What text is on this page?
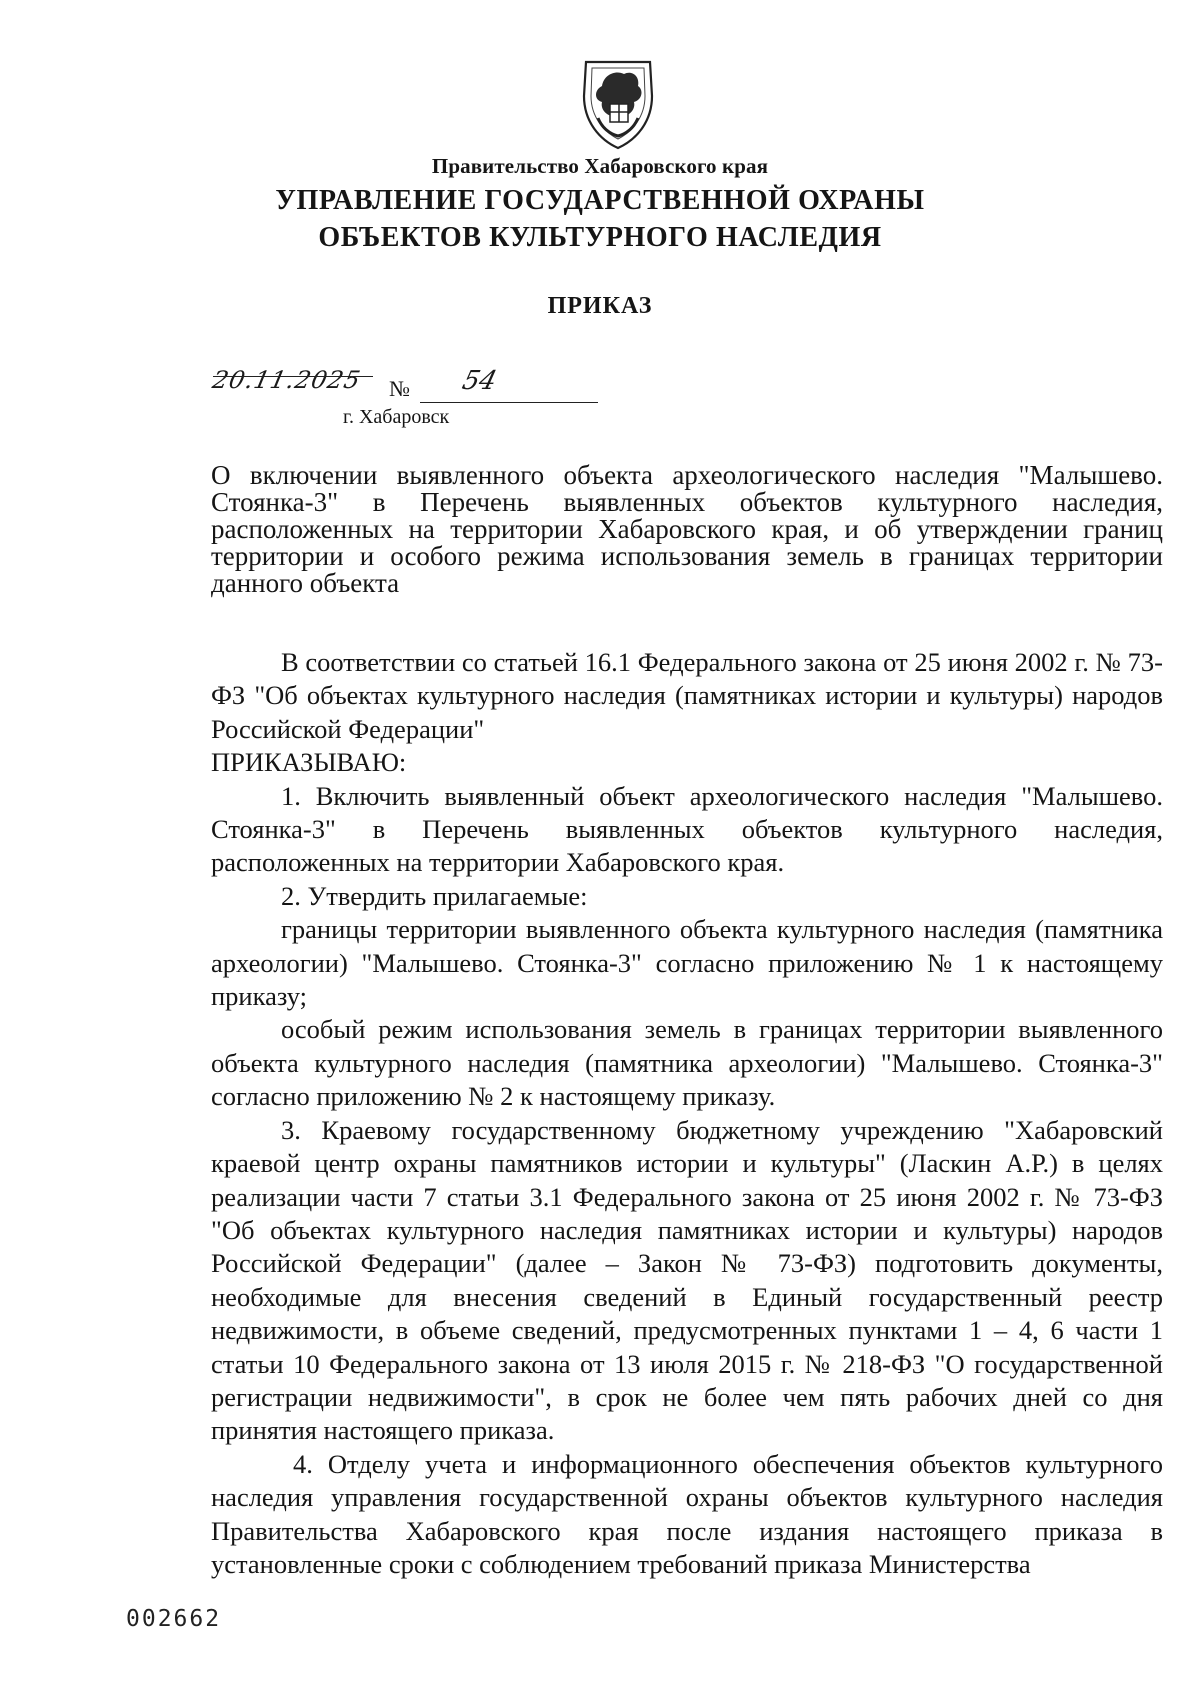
Правительство Хабаровского края
УПРАВЛЕНИЕ ГОСУДАРСТВЕННОЙ ОХРАНЫ
ОБЪЕКТОВ КУЛЬТУРНОГО НАСЛЕДИЯ
ПРИКАЗ
20.11.2025 № 54
г. Хабаровск
О включении выявленного объекта археологического наследия "Малышево. Стоянка-3" в Перечень выявленных объектов культурного наследия, расположенных на территории Хабаровского края, и об утверждении границ территории и особого режима использования земель в границах территории данного объекта

В соответствии со статьей 16.1 Федерального закона от 25 июня 2002 г. № 73-ФЗ "Об объектах культурного наследия (памятниках истории и культуры) народов Российской Федерации"

ПРИКАЗЫВАЮ:

1. Включить выявленный объект археологического наследия "Малышево. Стоянка-3" в Перечень выявленных объектов культурного наследия, расположенных на территории Хабаровского края.

2. Утвердить прилагаемые:

границы территории выявленного объекта культурного наследия (памятника археологии) "Малышево. Стоянка-3" согласно приложению № 1 к настоящему приказу;

особый режим использования земель в границах территории выявленного объекта культурного наследия (памятника археологии) "Малышево. Стоянка-3" согласно приложению № 2 к настоящему приказу.

3. Краевому государственному бюджетному учреждению "Хабаровский краевой центр охраны памятников истории и культуры" (Ласкин А.Р.) в целях реализации части 7 статьи 3.1 Федерального закона от 25 июня 2002 г. № 73-ФЗ "Об объектах культурного наследия памятниках истории и культуры) народов Российской Федерации" (далее – Закон № 73-ФЗ) подготовить документы, необходимые для внесения сведений в Единый государственный реестр недвижимости, в объеме сведений, предусмотренных пунктами 1 – 4, 6 части 1 статьи 10 Федерального закона от 13 июля 2015 г. № 218-ФЗ "О государственной регистрации недвижимости", в срок не более чем пять рабочих дней со дня принятия настоящего приказа.

4. Отделу учета и информационного обеспечения объектов культурного наследия управления государственной охраны объектов культурного наследия Правительства Хабаровского края после издания настоящего приказа в установленные сроки с соблюдением требований приказа Министерства

002662
